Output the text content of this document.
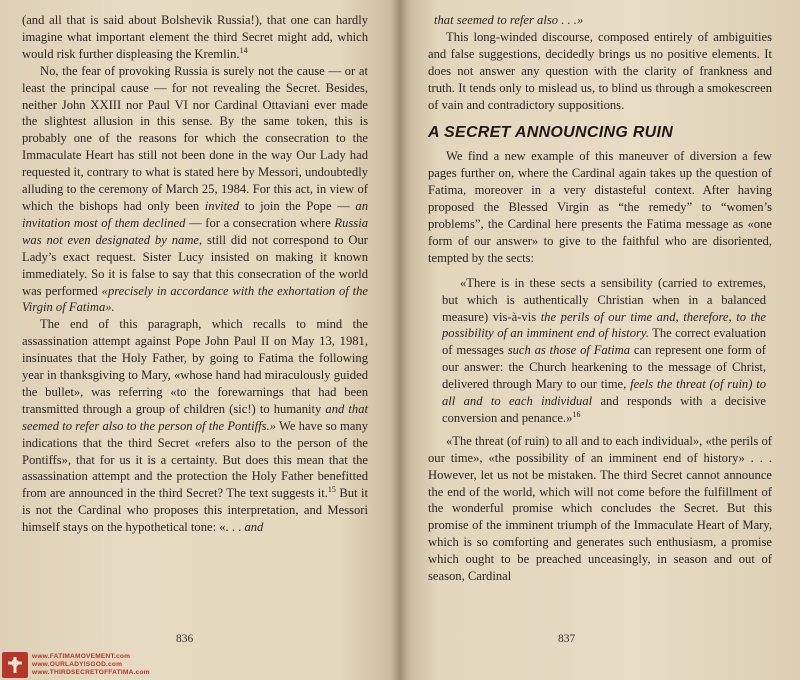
(and all that is said about Bolshevik Russia!), that one can hardly imagine what important element the third Secret might add, which would risk further displeasing the Kremlin.$^{14}$

No, the fear of provoking Russia is surely not the cause — or at least the principal cause — for not revealing the Secret. Besides, neither John XXIII nor Paul VI nor Cardinal Ottaviani ever made the slightest allusion in this sense. By the same token, this is probably one of the reasons for which the consecration to the Immaculate Heart has still not been done in the way Our Lady had requested it, contrary to what is stated here by Messori, undoubtedly alluding to the ceremony of March 25, 1984. For this act, in view of which the bishops had only been invited to join the Pope — an invitation most of them declined — for a consecration where Russia was not even designated by name, still did not correspond to Our Lady’s exact request. Sister Lucy insisted on making it known immediately. So it is false to say that this consecration of the world was performed «precisely in accordance with the exhortation of the Virgin of Fatima».

The end of this paragraph, which recalls to mind the assassination attempt against Pope John Paul II on May 13, 1981, insinuates that the Holy Father, by going to Fatima the following year in thanksgiving to Mary, «whose hand had miraculously guided the bullet», was referring «to the forewarnings that had been transmitted through a group of children (sic!) to humanity and that seemed to refer also to the person of the Pontiffs.» We have so many indications that the third Secret «refers also to the person of the Pontiffs», that for us it is a certainty. But does this mean that the assassination attempt and the protection the Holy Father benefitted from are announced in the third Secret? The text suggests it.$^{15}$ But it is not the Cardinal who proposes this interpretation, and Messori himself stays on the hypothetical tone: «. . . and

836
www.FATIMAMOVEMENT.com
www.OURLADYISGOD.com
www.THIRDSECRETOFFATIMA.com

that seemed to refer also . . .»

This long-winded discourse, composed entirely of ambiguities and false suggestions, decidedly brings us no positive elements. It does not answer any question with the clarity of frankness and truth. It tends only to mislead us, to blind us through a smokescreen of vain and contradictory suppositions.

A SECRET ANNOUNCING RUIN

We find a new example of this maneuver of diversion a few pages further on, where the Cardinal again takes up the question of Fatima, moreover in a very distasteful context. After having proposed the Blessed Virgin as “the remedy” to “women’s problems”, the Cardinal here presents the Fatima message as «one form of our answer» to give to the faithful who are disoriented, tempted by the sects:

«There is in these sects a sensibility (carried to extremes, but which is authentically Christian when in a balanced measure) vis-à-vis the perils of our time and, therefore, to the possibility of an imminent end of history. The correct evaluation of messages such as those of Fatima can represent one form of our answer: the Church hearkening to the message of Christ, delivered through Mary to our time, feels the threat (of ruin) to all and to each individual and responds with a decisive conversion and penance.»$^{16}$

«The threat (of ruin) to all and to each individual», «the perils of our time», «the possibility of an imminent end of history» . . . However, let us not be mistaken. The third Secret cannot announce the end of the world, which will not come before the fulfillment of the wonderful promise which concludes the Secret. But this promise of the imminent triumph of the Immaculate Heart of Mary, which is so comforting and generates such enthusiasm, a promise which ought to be preached unceasingly, in season and out of season, Cardinal

837
